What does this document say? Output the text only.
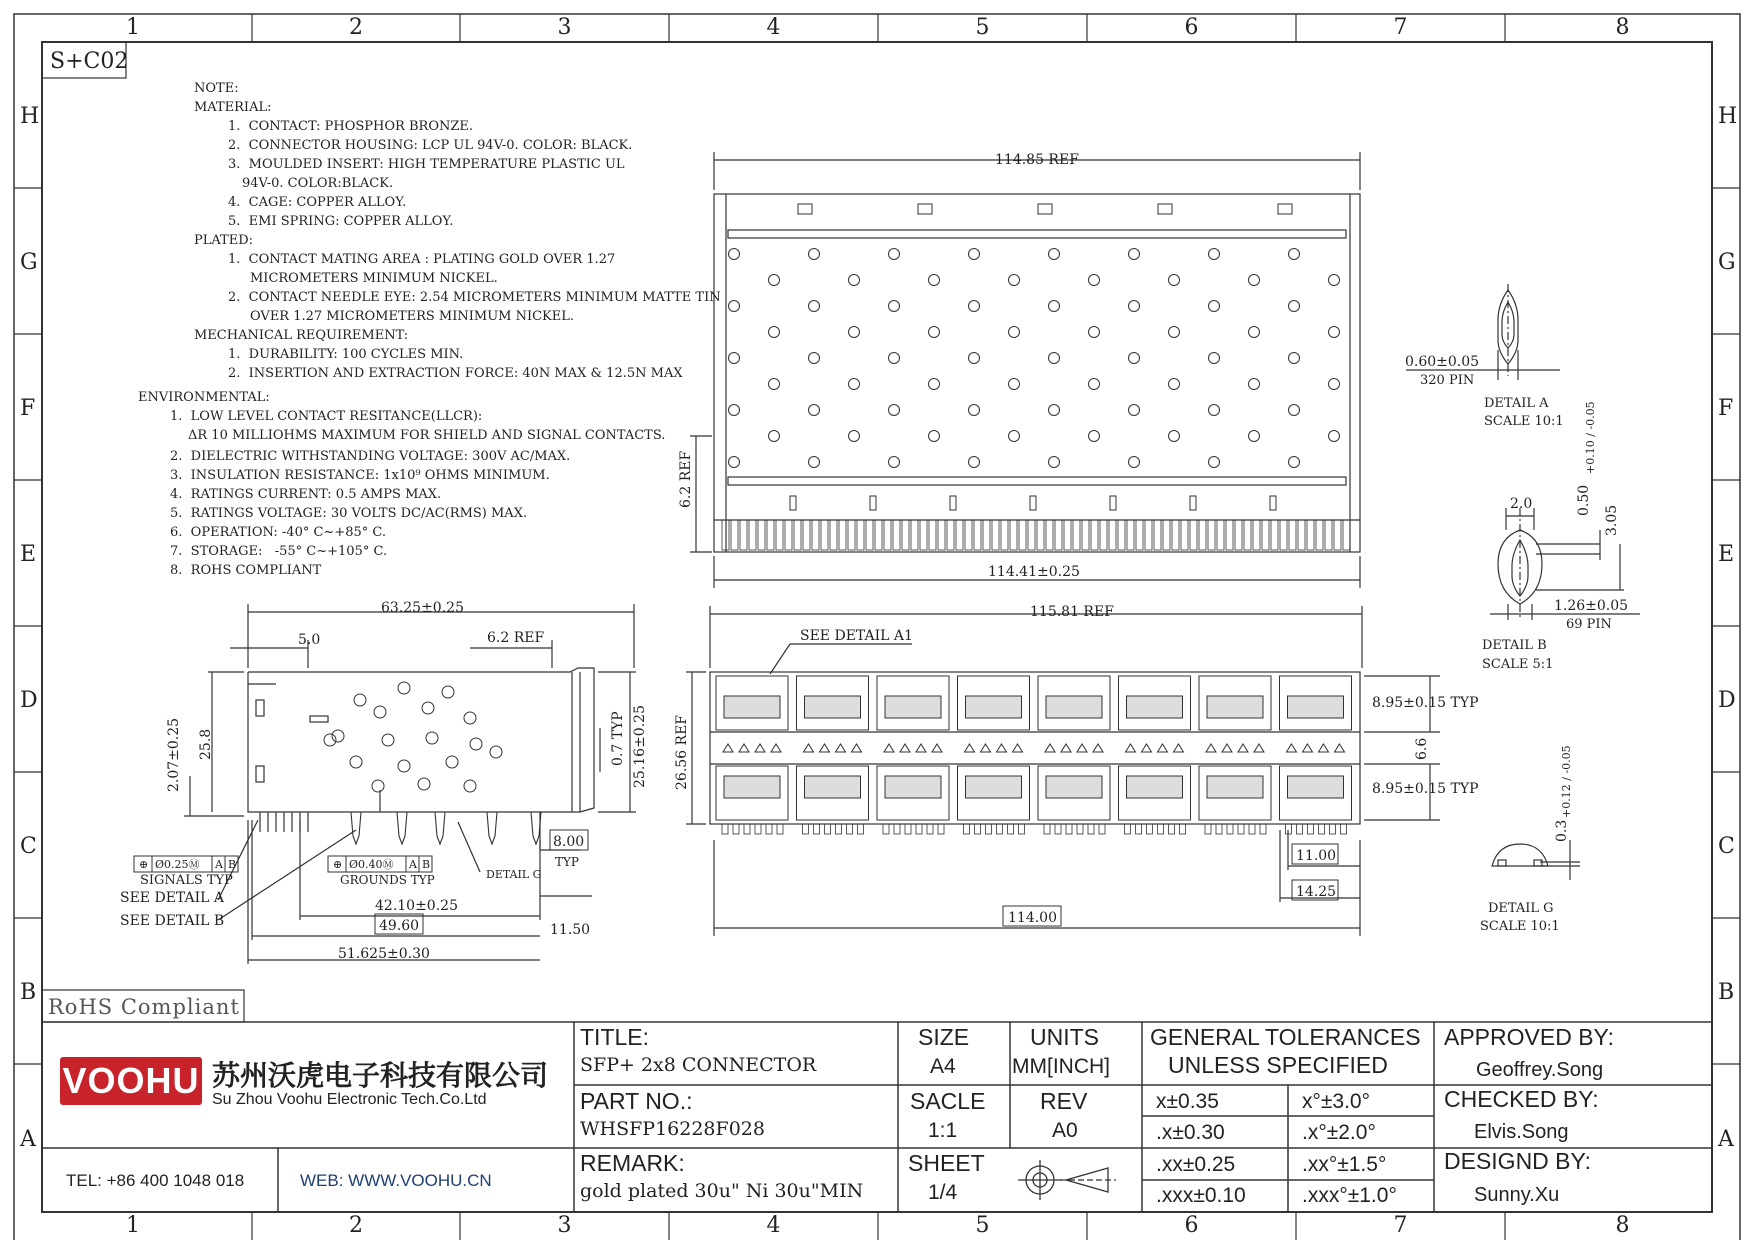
1
1
2
2
3
3
4
4
5
5
6
6
7
7
8
8
H	H
G	G
F	F
E	E
D	D
C	C
B	B
A	A
S+C02
RoHS Compliant
114.85 REF
114.41±0.25
6.2 REF
115.81 REF
114.00
26.56 REF
SEE DETAIL A1
8.95±0.15 TYP
8.95±0.15 TYP
6.6
11.00
14.25
63.25±0.25
5.0	6.2 REF
25.8
2.07±0.25	0.7 TYP 25.16±0.25
8.00
TYP
42.10±0.25
49.60	11.50
51.625±0.30
⊕ Ø0.25Ⓜ A B	⊕ Ø0.40Ⓜ A B
SIGNALS TYP	GROUNDS TYP
SEE DETAIL A
SEE DETAIL B
DETAIL G
0.60±0.05
320 PIN
DETAIL A
SCALE 10:1
2.0	0.50
+0.10 / -0.05
3.05
1.26±0.05
69 PIN
DETAIL B
SCALE 5:1
0.3
+0.12 / -0.05
DETAIL G
SCALE 10:1
NOTE:
MATERIAL:
1.  CONTACT: PHOSPHOR BRONZE.
2.  CONNECTOR HOUSING: LCP UL 94V-0. COLOR: BLACK.
3.  MOULDED INSERT: HIGH TEMPERATURE PLASTIC UL
94V-0. COLOR:BLACK.
4.  CAGE: COPPER ALLOY.
5.  EMI SPRING: COPPER ALLOY.
PLATED:
1.  CONTACT MATING AREA : PLATING GOLD OVER 1.27
MICROMETERS MINIMUM NICKEL.
2.  CONTACT NEEDLE EYE: 2.54 MICROMETERS MINIMUM MATTE TIN
OVER 1.27 MICROMETERS MINIMUM NICKEL.
MECHANICAL REQUIREMENT:
1.  DURABILITY: 100 CYCLES MIN.
2.  INSERTION AND EXTRACTION FORCE: 40N MAX & 12.5N MAX
ENVIRONMENTAL:
1.  LOW LEVEL CONTACT RESITANCE(LLCR):
ΔR 10 MILLIOHMS MAXIMUM FOR SHIELD AND SIGNAL CONTACTS.
2.  DIELECTRIC WITHSTANDING VOLTAGE: 300V AC/MAX.
3.  INSULATION RESISTANCE: 1x10⁹ OHMS MINIMUM.
4.  RATINGS CURRENT: 0.5 AMPS MAX.
5.  RATINGS VOLTAGE: 30 VOLTS DC/AC(RMS) MAX.
6.  OPERATION: -40° C~+85° C.
7.  STORAGE:   -55° C~+105° C.
8.  ROHS COMPLIANT
VOOHU 苏州沃虎电子科技有限公司
Su Zhou Voohu Electronic Tech.Co.Ltd
TEL: +86 400 1048 018	WEB: WWW.VOOHU.CN
TITLE:
SFP+ 2x8 CONNECTOR
PART NO.:
WHSFP16228F028
REMARK:
gold plated 30u" Ni 30u"MIN
SIZE
A4
UNITS
MM[INCH]
SACLE
1:1
REV
A0
SHEET
1/4
GENERAL TOLERANCES
UNLESS SPECIFIED
x±0.35	x°±3.0°
.x±0.30	.x°±2.0°
.xx±0.25	.xx°±1.5°
.xxx±0.10	.xxx°±1.0°
APPROVED BY:
Geoffrey.Song
CHECKED BY:
Elvis.Song
DESIGND BY:
Sunny.Xu
